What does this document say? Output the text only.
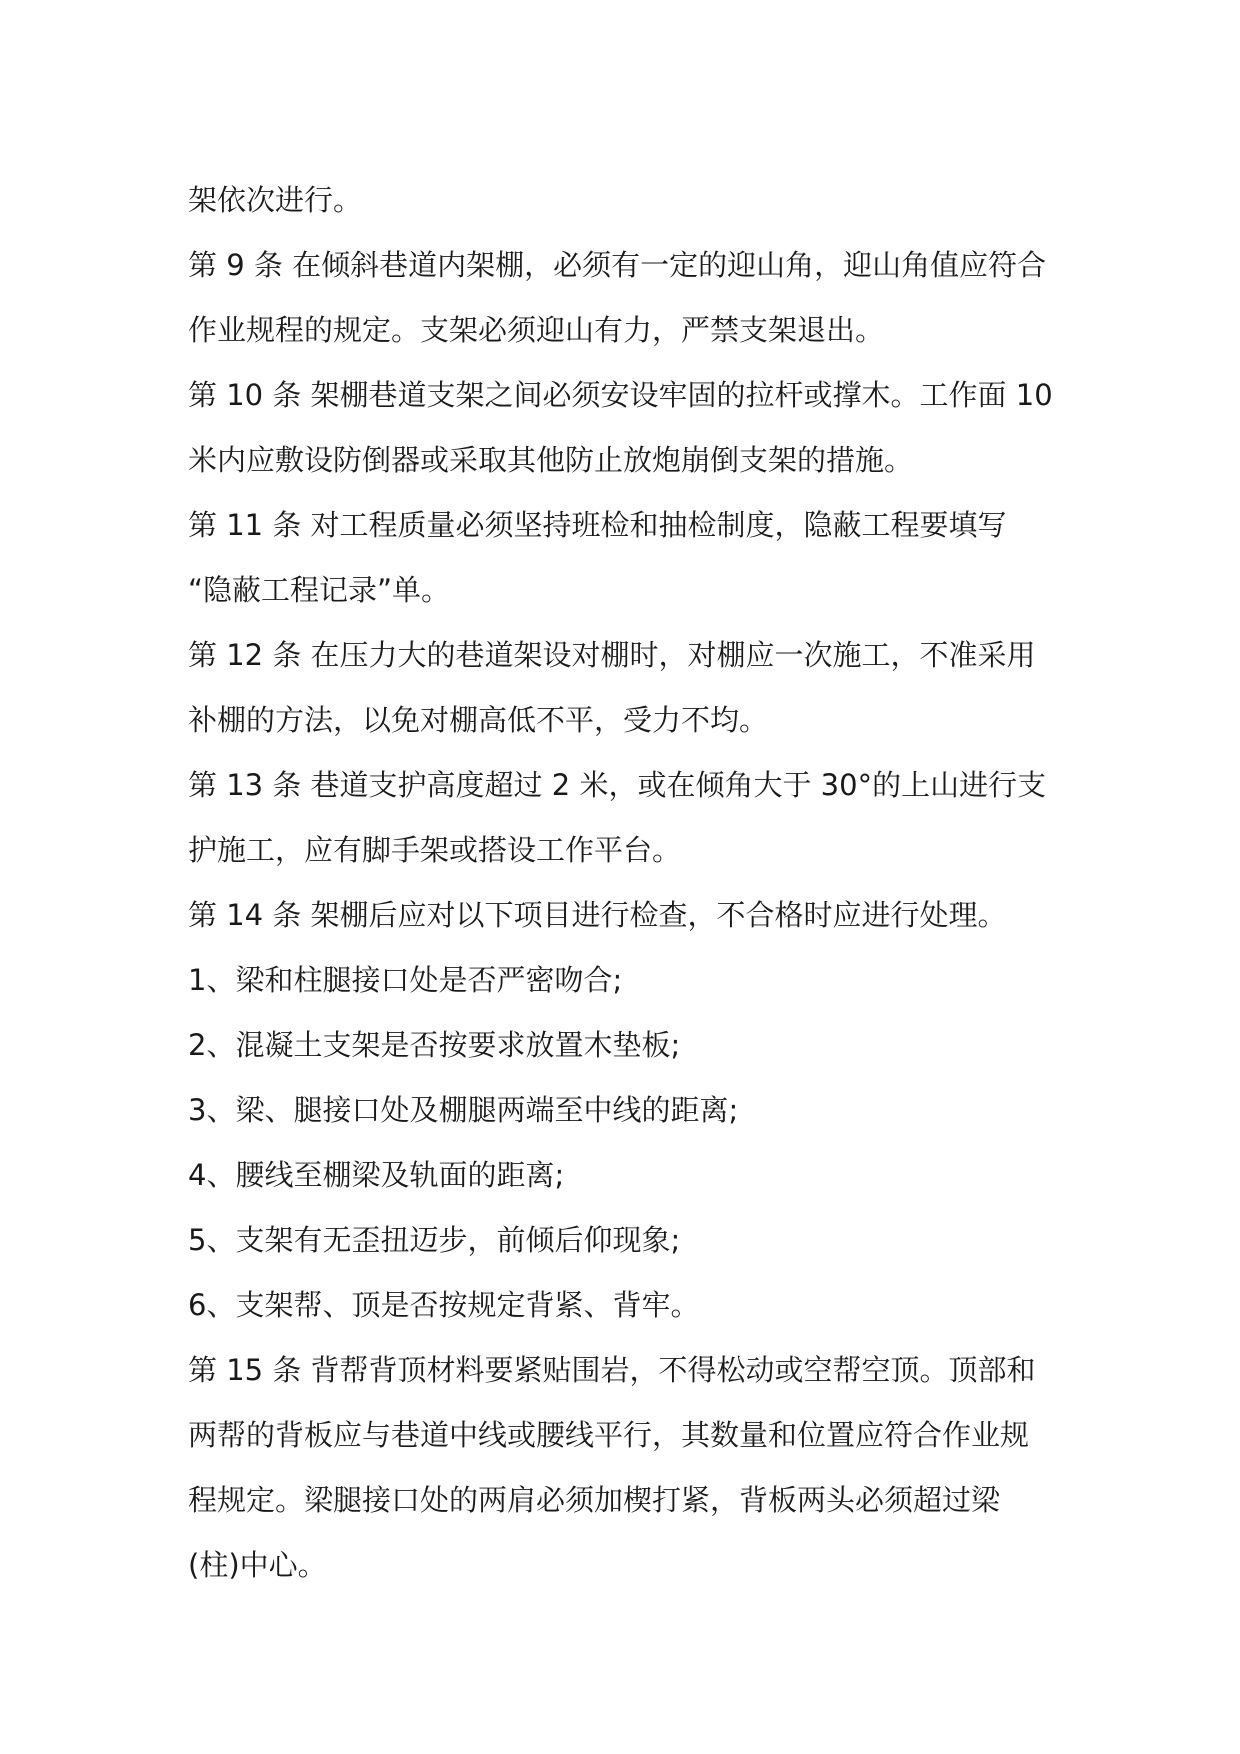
架依次进行。
第 9 条 在倾斜巷道内架棚，必须有一定的迎山角，迎山角值应符合
作业规程的规定。支架必须迎山有力，严禁支架退出。
第 10 条 架棚巷道支架之间必须安设牢固的拉杆或撑木。工作面 10
米内应敷设防倒器或采取其他防止放炮崩倒支架的措施。
第 11 条 对工程质量必须坚持班检和抽检制度，隐蔽工程要填写
“隐蔽工程记录”单。
第 12 条 在压力大的巷道架设对棚时，对棚应一次施工，不准采用
补棚的方法，以免对棚高低不平，受力不均。
第 13 条 巷道支护高度超过 2 米，或在倾角大于 30°的上山进行支
护施工，应有脚手架或搭设工作平台。
第 14 条 架棚后应对以下项目进行检查，不合格时应进行处理。
1、梁和柱腿接口处是否严密吻合;
2、混凝土支架是否按要求放置木垫板;
3、梁、腿接口处及棚腿两端至中线的距离;
4、腰线至棚梁及轨面的距离;
5、支架有无歪扭迈步，前倾后仰现象;
6、支架帮、顶是否按规定背紧、背牢。
第 15 条 背帮背顶材料要紧贴围岩，不得松动或空帮空顶。顶部和
两帮的背板应与巷道中线或腰线平行，其数量和位置应符合作业规
程规定。梁腿接口处的两肩必须加楔打紧，背板两头必须超过梁
(柱)中心。
